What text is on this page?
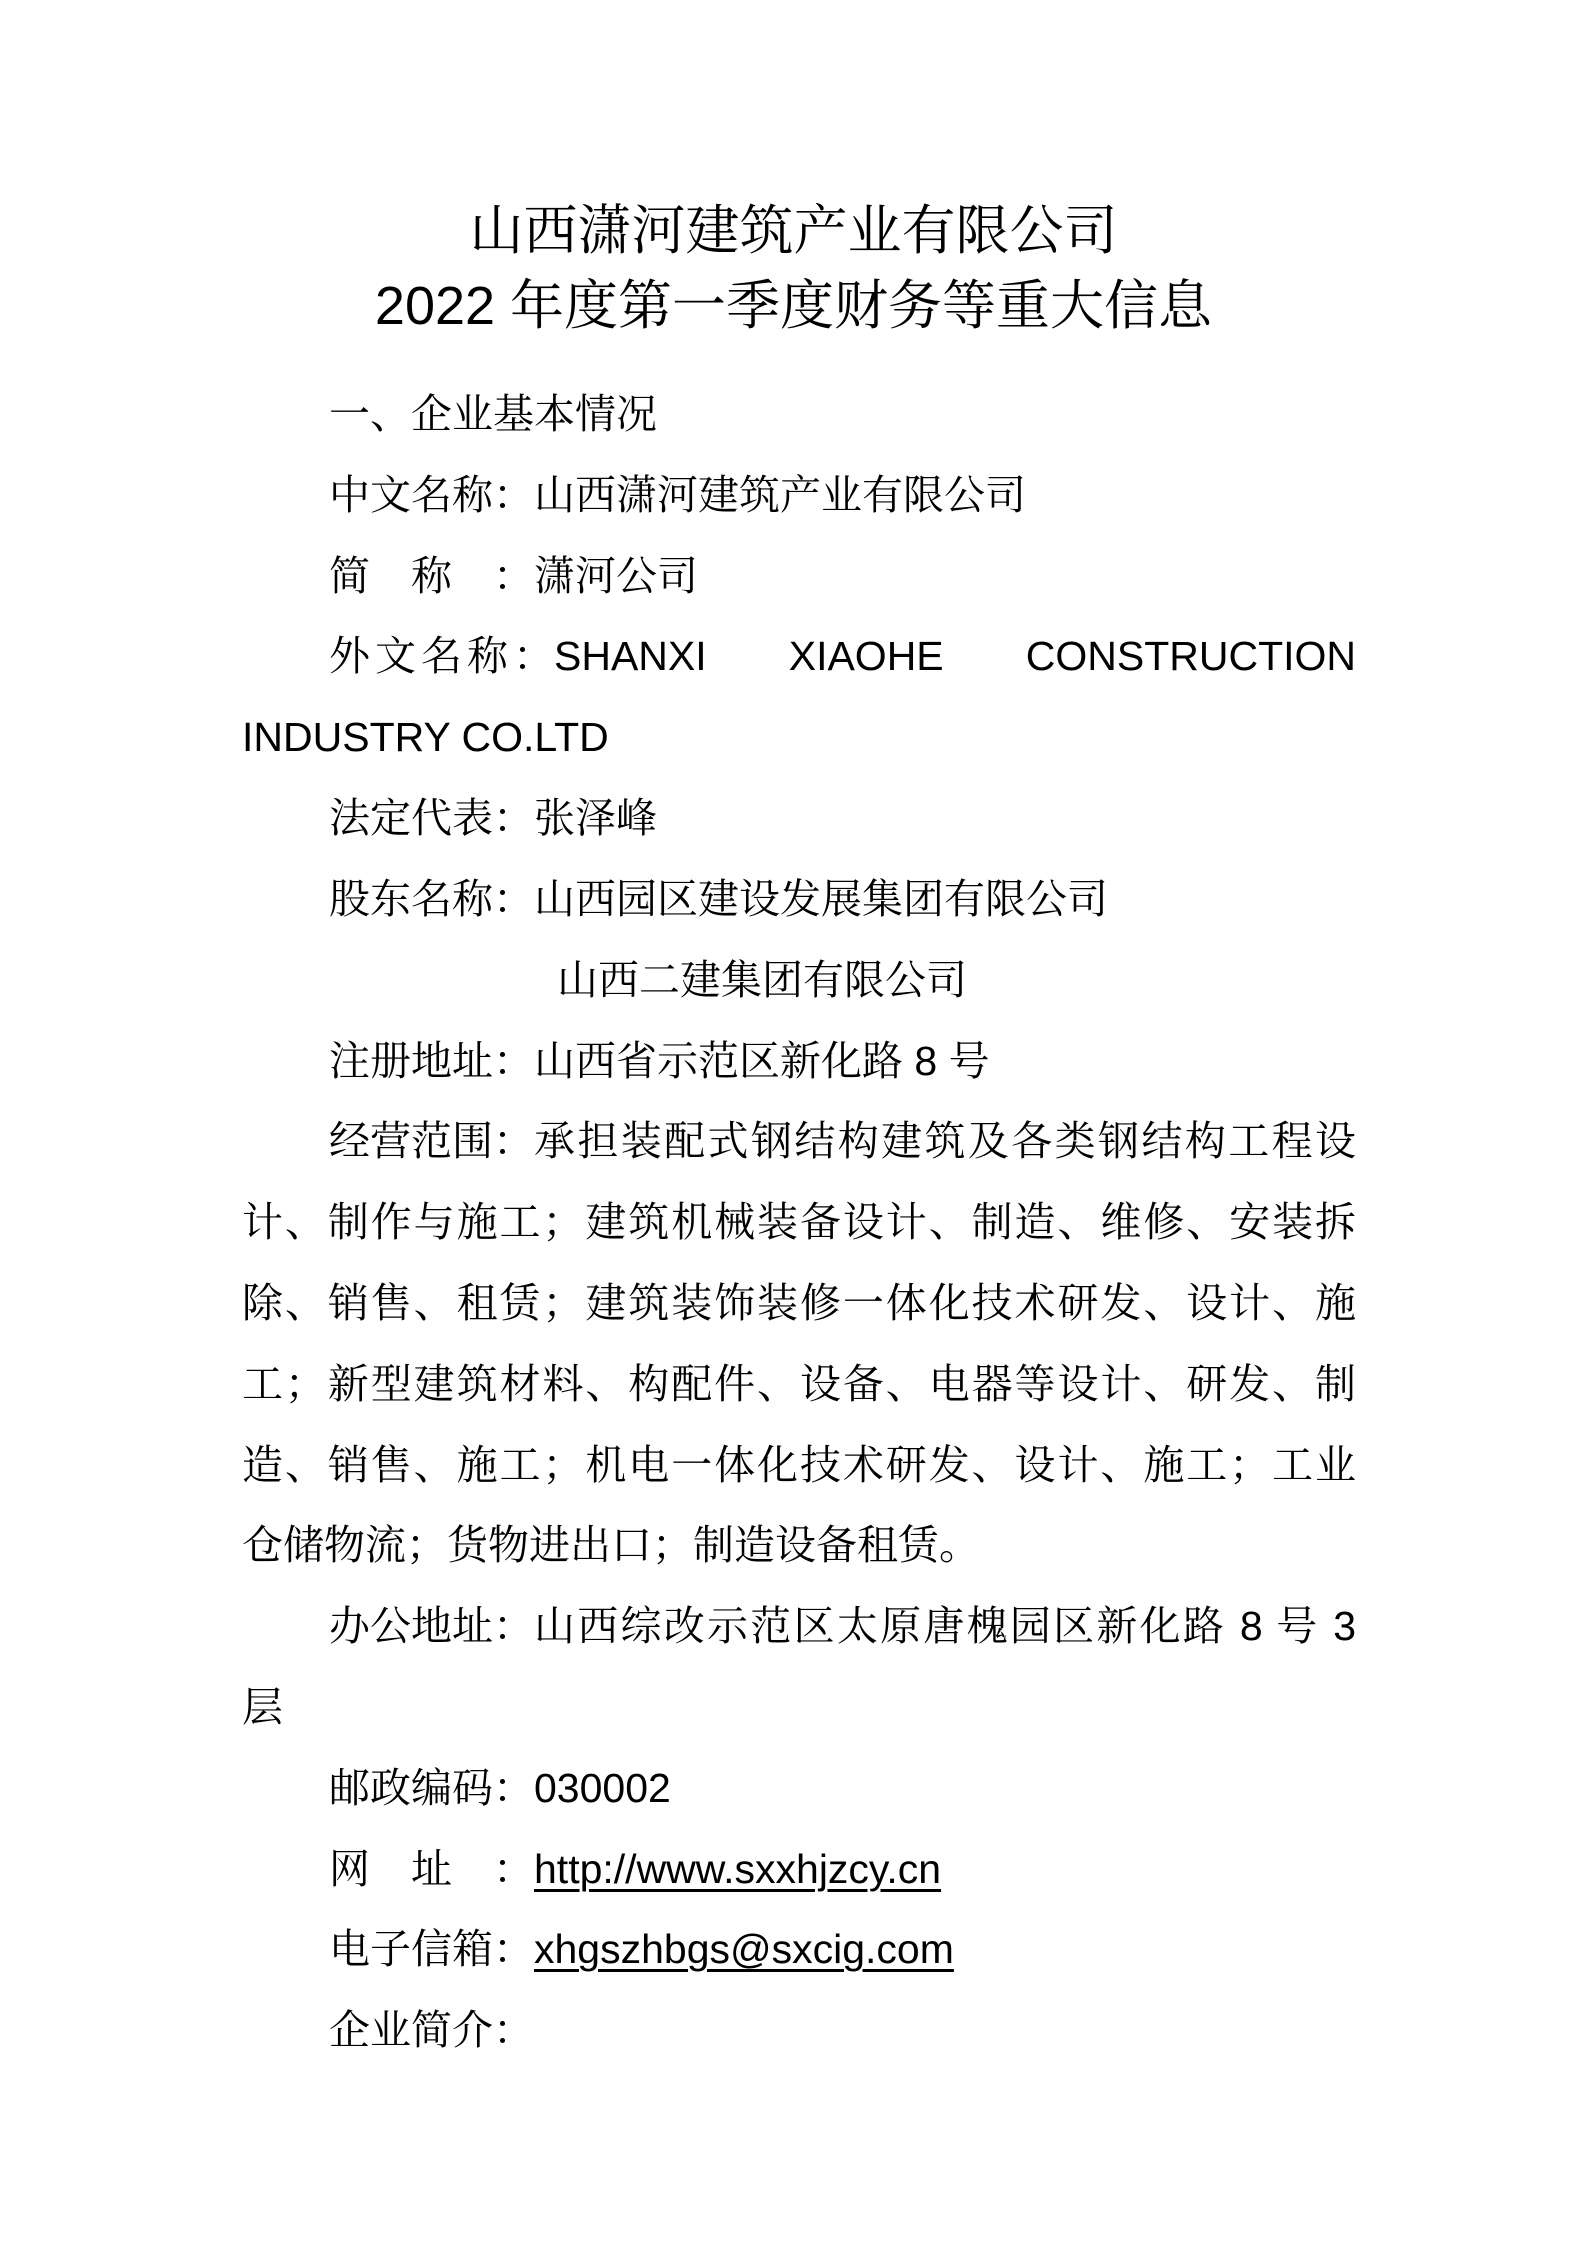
山西潇河建筑产业有限公司
2022 年度第一季度财务等重大信息
一、企业基本情况
中文名称：山西潇河建筑产业有限公司
简称：潇河公司
外文名称： SHANXI XIAOHE CONSTRUCTION
INDUSTRY CO.LTD
法定代表：张泽峰
股东名称：山西园区建设发展集团有限公司
山西二建集团有限公司
注册地址：山西省示范区新化路 8 号
经营范围： 承担装配式钢结构建筑及各类钢结构工程设
计、制作与施工；建筑机械装备设计、制造、维修、安装拆
除、销售、租赁；建筑装饰装修一体化技术研发、设计、施
工；新型建筑材料、构配件、设备、电器等设计、研发、制
造、销售、施工；机电一体化技术研发、设计、施工；工业
仓储物流；货物进出口；制造设备租赁。
办公地址： 山西综改示范区太原唐槐园区新化路 8 号 3
层
邮政编码：030002
网址：http://www.sxxhjzcy.cn
电子信箱：xhgszhbgs@sxcig.com
企业简介：
